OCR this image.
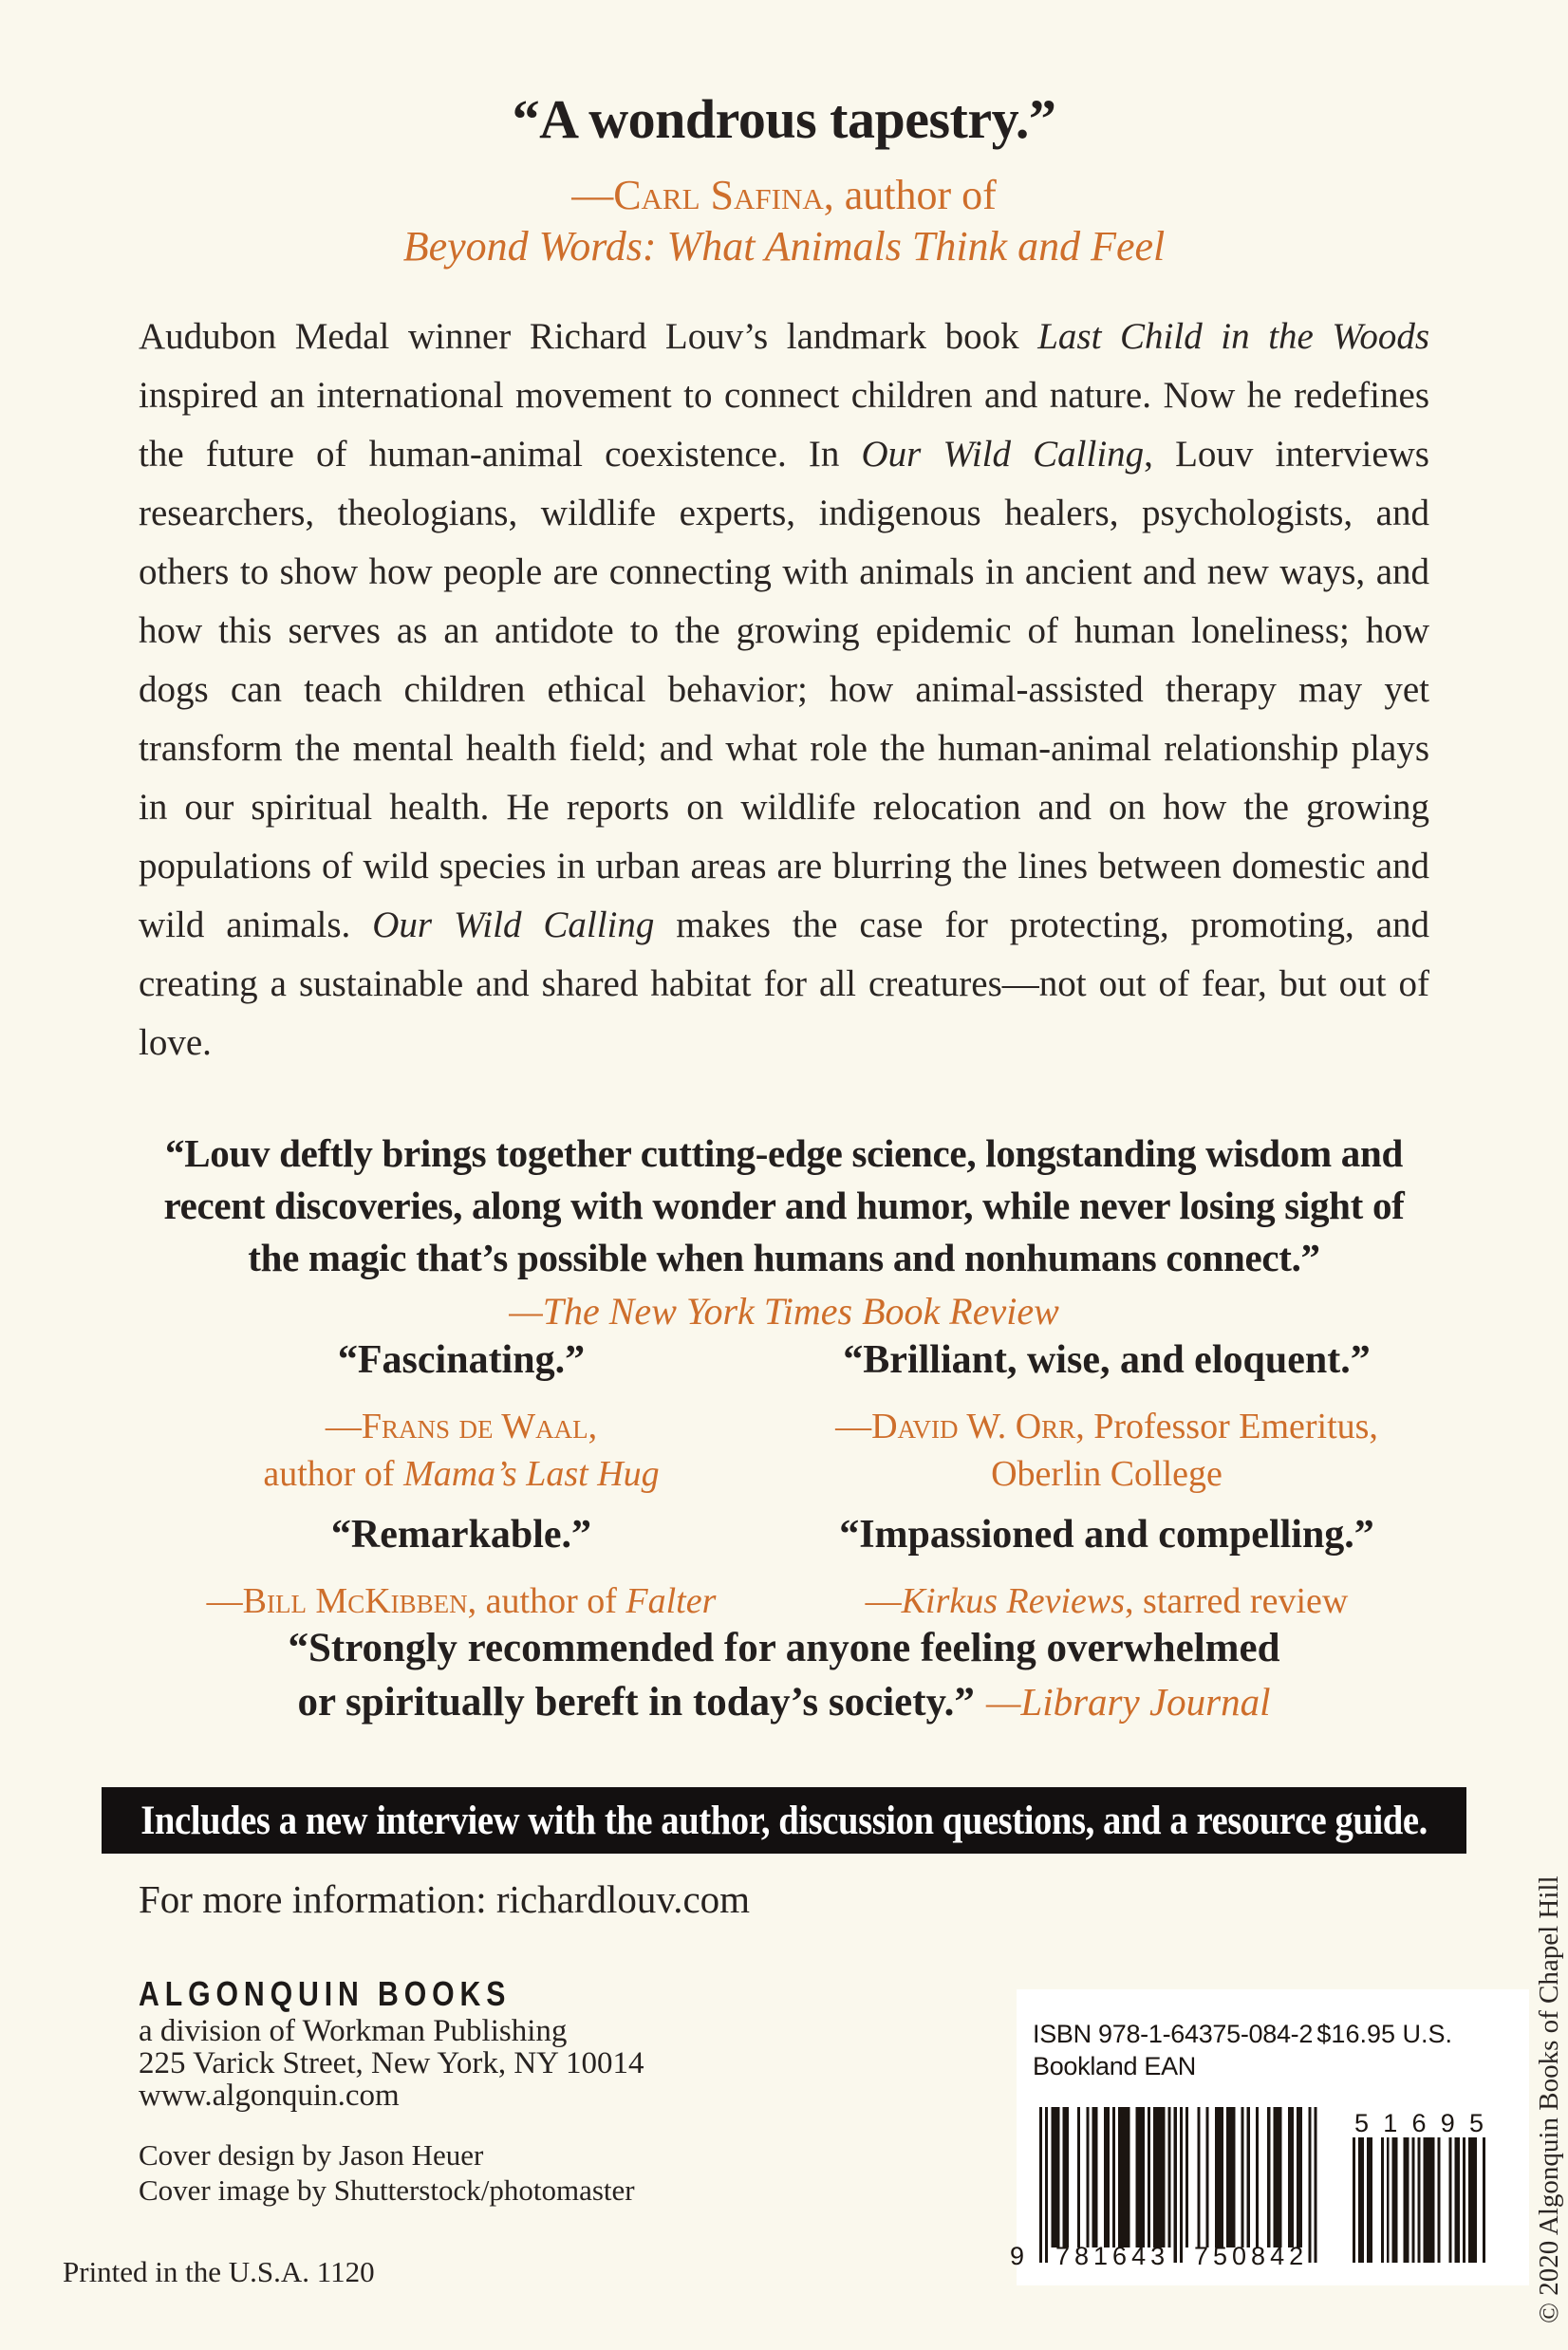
“A wondrous tapestry.”
—Carl Safina, author of
Beyond Words: What Animals Think and Feel
Audubon Medal winner Richard Louv’s landmark book Last Child in the Woods inspired an international movement to connect children and nature. Now he redefines the future of human-animal coexistence. In Our Wild Calling, Louv interviews researchers, theologians, wildlife experts, indigenous healers, psychologists, and others to show how people are connecting with animals in ancient and new ways, and how this serves as an antidote to the growing epidemic of human loneliness; how dogs can teach children ethical behavior; how animal-assisted therapy may yet transform the mental health field; and what role the human-animal relationship plays in our spiritual health. He reports on wildlife relocation and on how the growing populations of wild species in urban areas are blurring the lines between domestic and wild animals. Our Wild Calling makes the case for protecting, promoting, and creating a sustainable and shared habitat for all creatures—not out of fear, but out of love.
“Louv deftly brings together cutting-edge science, longstanding wisdom and
recent discoveries, along with wonder and humor, while never losing sight of
the magic that’s possible when humans and nonhumans connect.”
—The New York Times Book Review
“Fascinating.”
—Frans de Waal,
author of Mama’s Last Hug
“Remarkable.”
—Bill McKibben, author of Falter
“Brilliant, wise, and eloquent.”
—David W. Orr, Professor Emeritus,
Oberlin College
“Impassioned and compelling.”
—Kirkus Reviews, starred review
“Strongly recommended for anyone feeling overwhelmed
or spiritually bereft in today’s society.” —Library Journal
Includes a new interview with the author, discussion questions, and a resource guide.
For more information: richardlouv.com
ALGONQUIN BOOKS
a division of Workman Publishing
225 Varick Street, New York, NY 10014
www.algonquin.com
Cover design by Jason Heuer
Cover image by Shutterstock/photomaster
Printed in the U.S.A. 1120
ISBN 978-1-64375-084-2
Bookland EAN
$16.95 U.S.
9 781643 750842
5 1 6 9 5 © 2020 Algonquin Books of Chapel Hill
